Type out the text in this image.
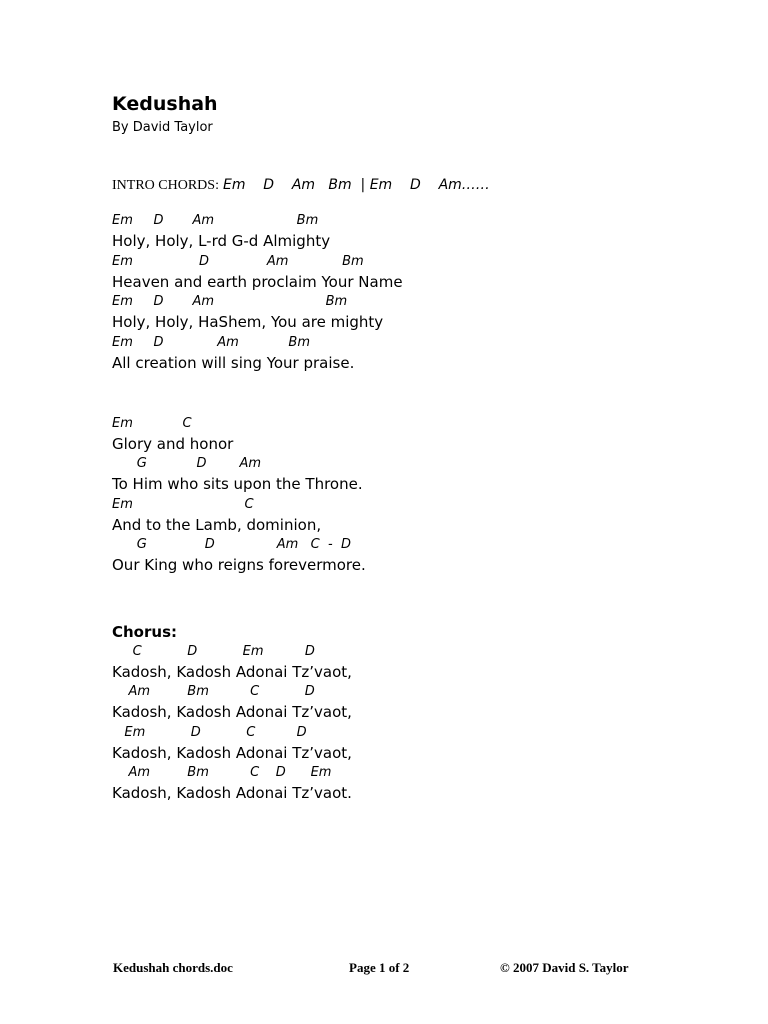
Kedushah
By David Taylor
INTRO CHORDS: Em    D    Am   Bm  | Em    D    Am……
Em     D       Am                    Bm
Holy, Holy, L-rd G-d Almighty
Em                D              Am             Bm
Heaven and earth proclaim Your Name
Em     D       Am                           Bm
Holy, Holy, HaShem, You are mighty
Em     D             Am            Bm
All creation will sing Your praise.
Em            C
Glory and honor
G            D        Am
To Him who sits upon the Throne.
Em                           C
And to the Lamb, dominion,
G              D               Am   C  -  D
Our King who reigns forevermore.
Chorus:
C           D           Em          D
Kadosh, Kadosh Adonai Tz’vaot,
Am         Bm          C           D
Kadosh, Kadosh Adonai Tz’vaot,
Em           D           C          D
Kadosh, Kadosh Adonai Tz’vaot,
Am         Bm          C    D      Em
Kadosh, Kadosh Adonai Tz’vaot.
Kedushah chords.doc	Page 1 of 2	© 2007 David S. Taylor
